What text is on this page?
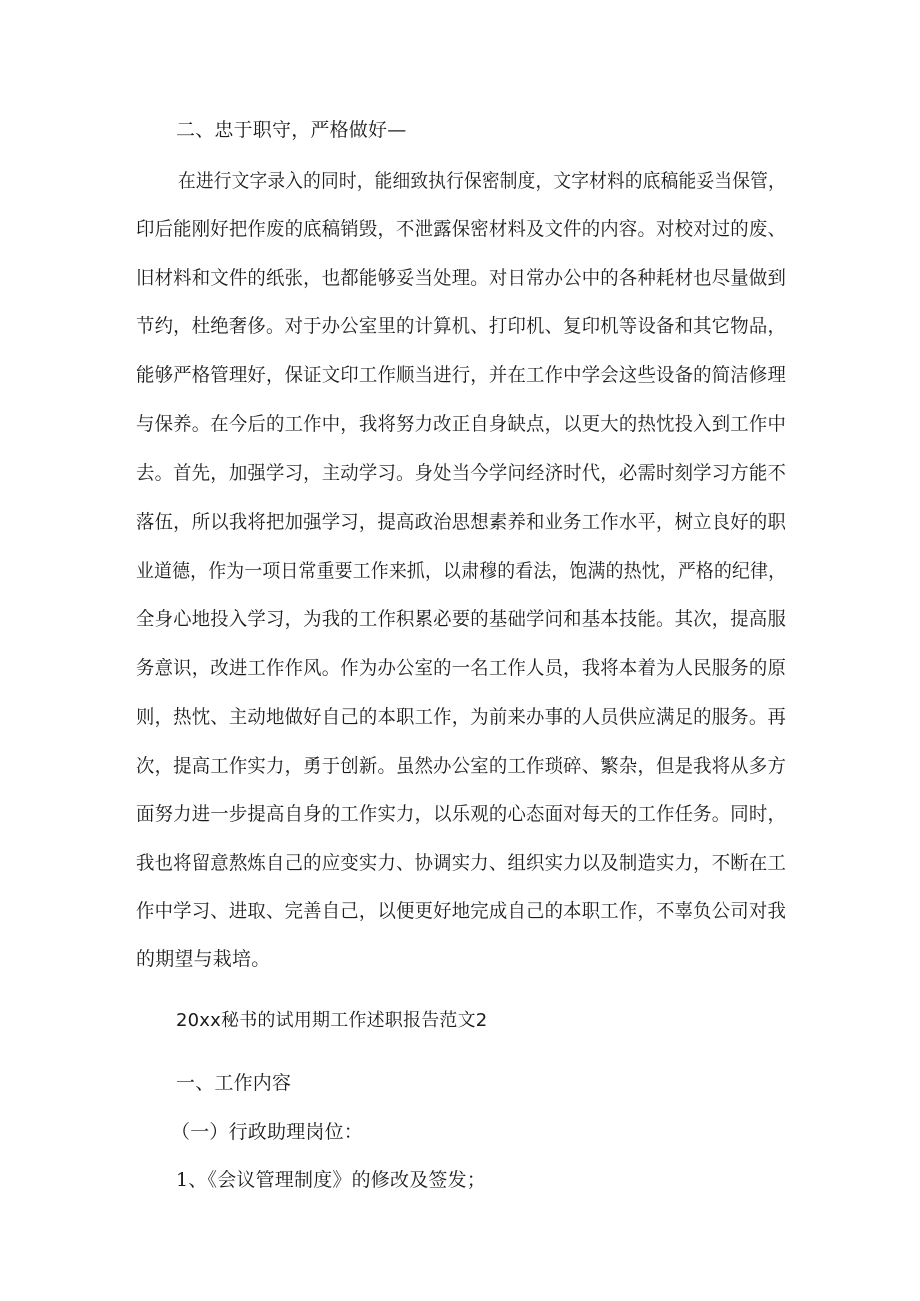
二、忠于职守，严格做好—
在进行文字录入的同时，能细致执行保密制度，文字材料的底稿能妥当保管，
印后能刚好把作废的底稿销毁，不泄露保密材料及文件的内容。对校对过的废、
旧材料和文件的纸张，也都能够妥当处理。对日常办公中的各种耗材也尽量做到
节约，杜绝奢侈。对于办公室里的计算机、打印机、复印机等设备和其它物品，
能够严格管理好，保证文印工作顺当进行，并在工作中学会这些设备的简洁修理
与保养。在今后的工作中，我将努力改正自身缺点，以更大的热忱投入到工作中
去。首先，加强学习，主动学习。身处当今学问经济时代，必需时刻学习方能不
落伍，所以我将把加强学习，提高政治思想素养和业务工作水平，树立良好的职
业道德，作为一项日常重要工作来抓，以肃穆的看法，饱满的热忱，严格的纪律，
全身心地投入学习，为我的工作积累必要的基础学问和基本技能。其次，提高服
务意识，改进工作作风。作为办公室的一名工作人员，我将本着为人民服务的原
则，热忱、主动地做好自己的本职工作，为前来办事的人员供应满足的服务。再
次，提高工作实力，勇于创新。虽然办公室的工作琐碎、繁杂，但是我将从多方
面努力进一步提高自身的工作实力，以乐观的心态面对每天的工作任务。同时，
我也将留意熬炼自己的应变实力、协调实力、组织实力以及制造实力，不断在工
作中学习、进取、完善自己，以便更好地完成自己的本职工作，不辜负公司对我
的期望与栽培。
20xx秘书的试用期工作述职报告范文2
一、工作内容
（一）行政助理岗位：
1、《会议管理制度》的修改及签发；
